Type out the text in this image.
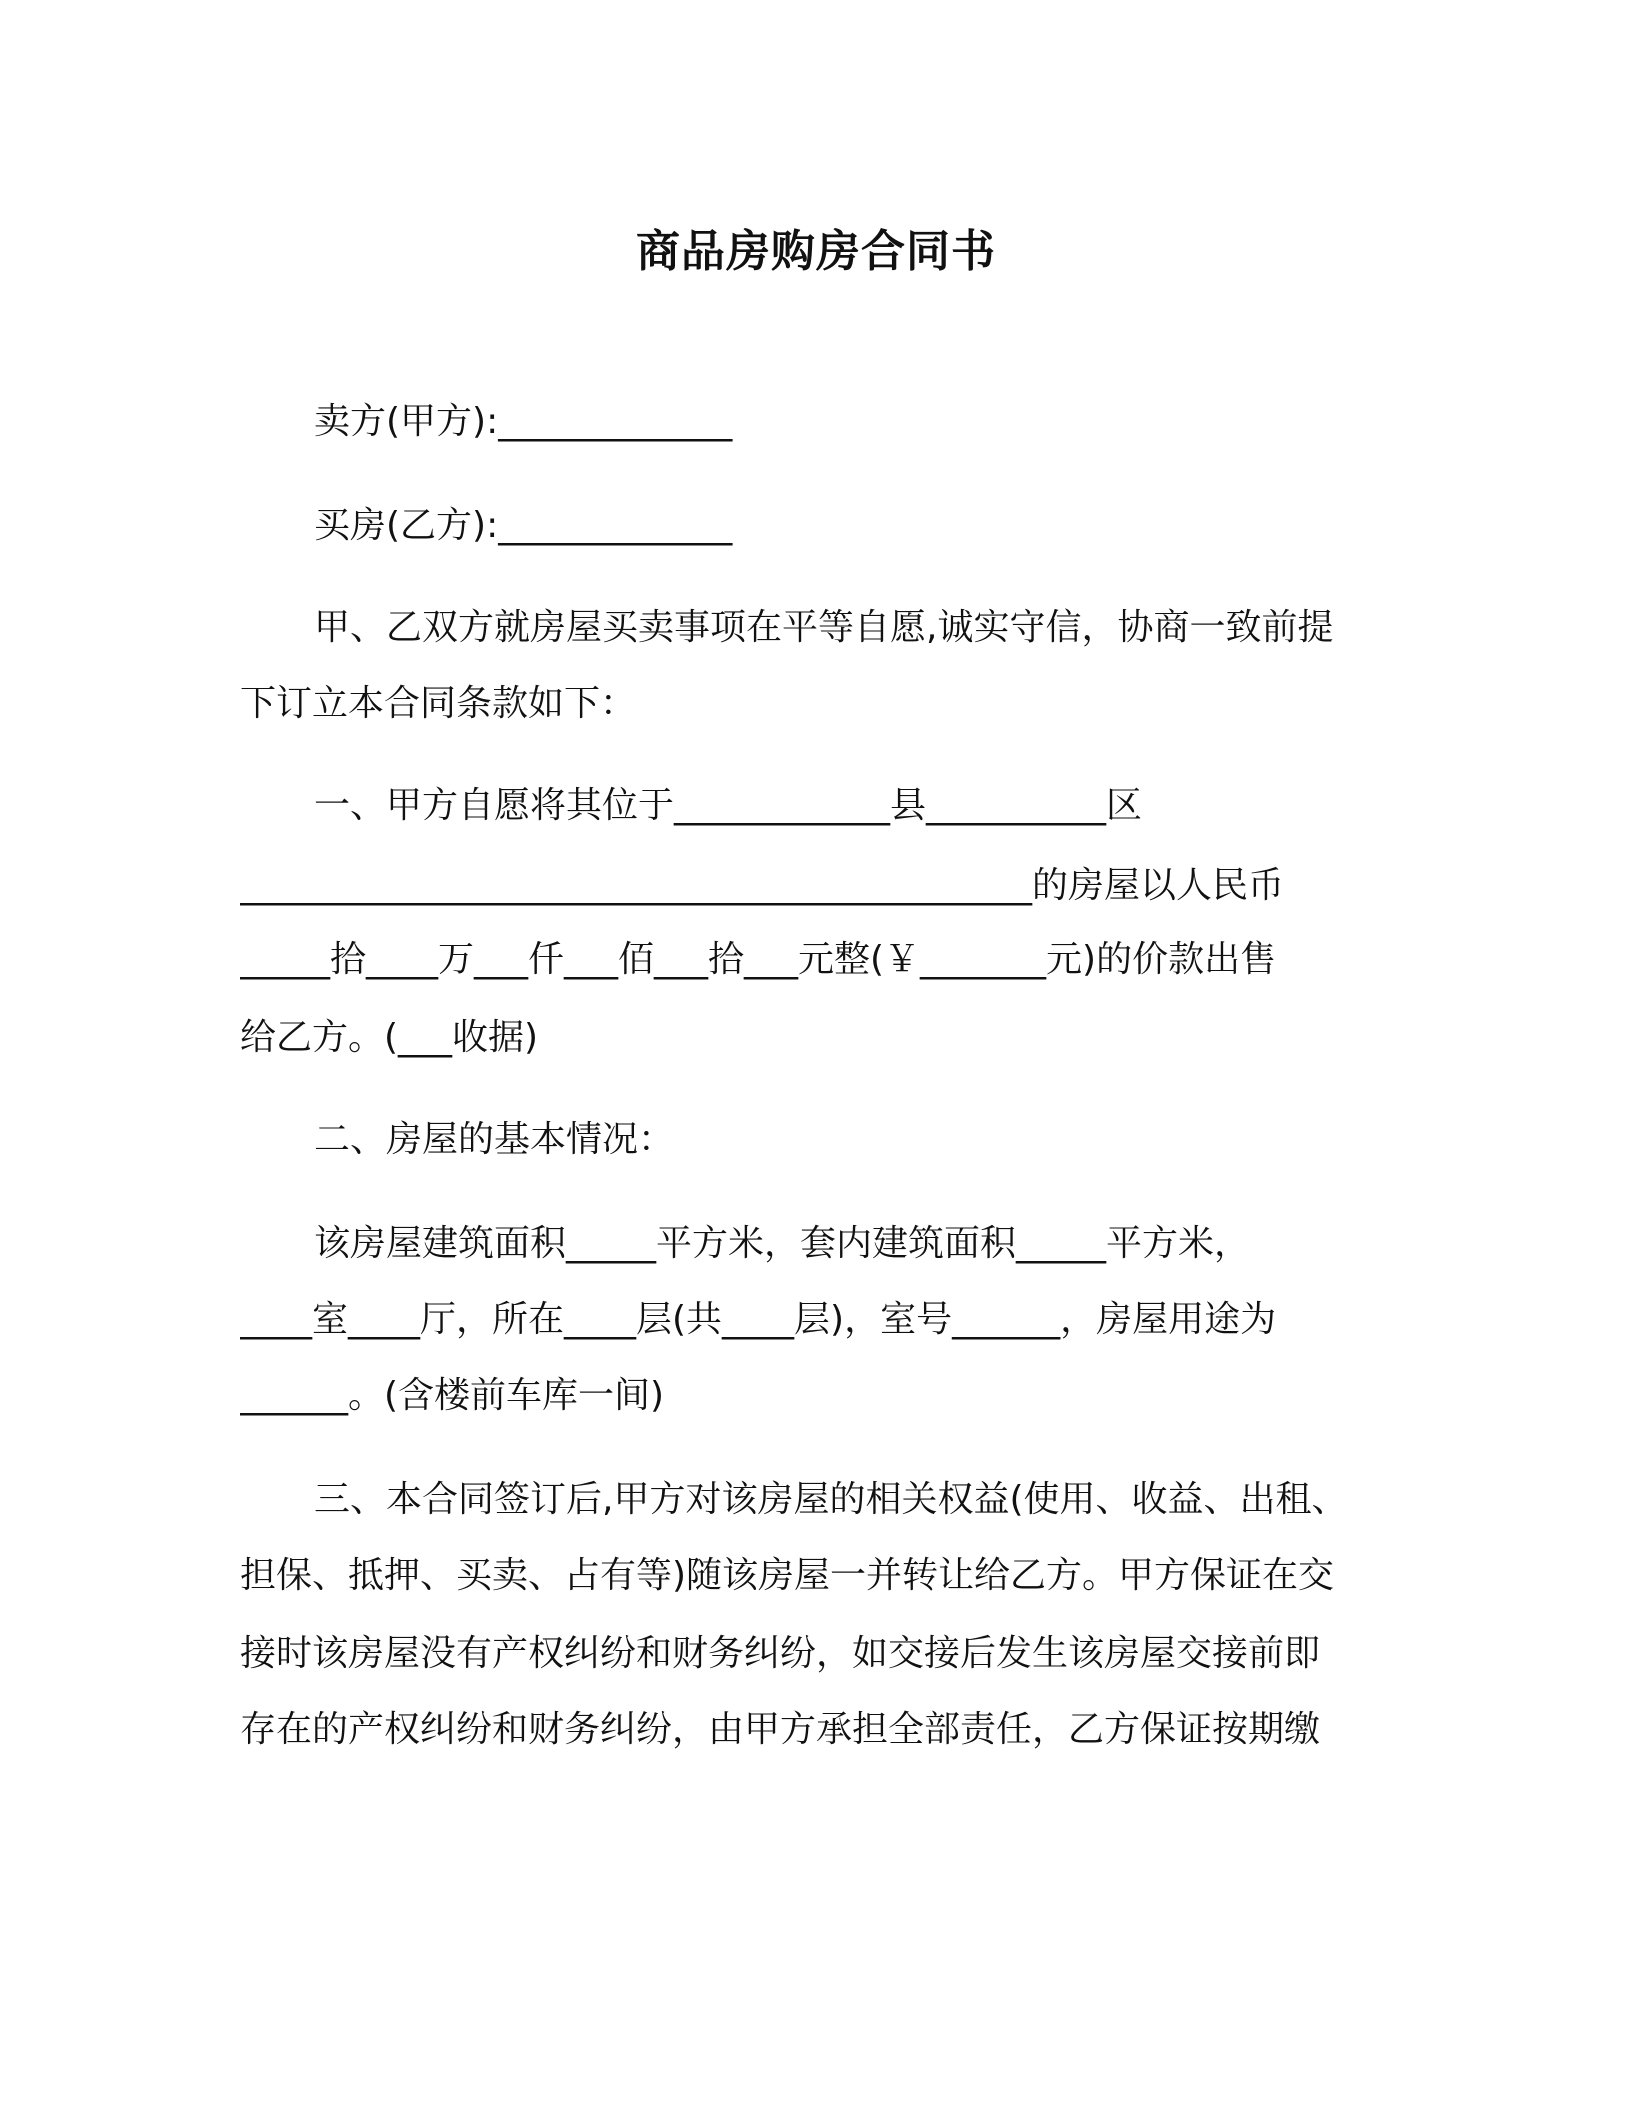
商品房购房合同书
卖方(甲方):_____________
买房(乙方):_____________
甲、乙双方就房屋买卖事项在平等自愿,诚实守信，协商一致前提
下订立本合同条款如下：
一、甲方自愿将其位于____________县__________区
____________________________________________的房屋以人民币
_____拾____万___仟___佰___拾___元整(￥_______元)的价款出售
给乙方。(___收据)
二、房屋的基本情况：
该房屋建筑面积_____平方米，套内建筑面积_____平方米，
____室____厅，所在____层(共____层)，室号______，房屋用途为
______。(含楼前车库一间)
三、本合同签订后,甲方对该房屋的相关权益(使用、收益、出租、
担保、抵押、买卖、占有等)随该房屋一并转让给乙方。甲方保证在交
接时该房屋没有产权纠纷和财务纠纷，如交接后发生该房屋交接前即
存在的产权纠纷和财务纠纷，由甲方承担全部责任，乙方保证按期缴
